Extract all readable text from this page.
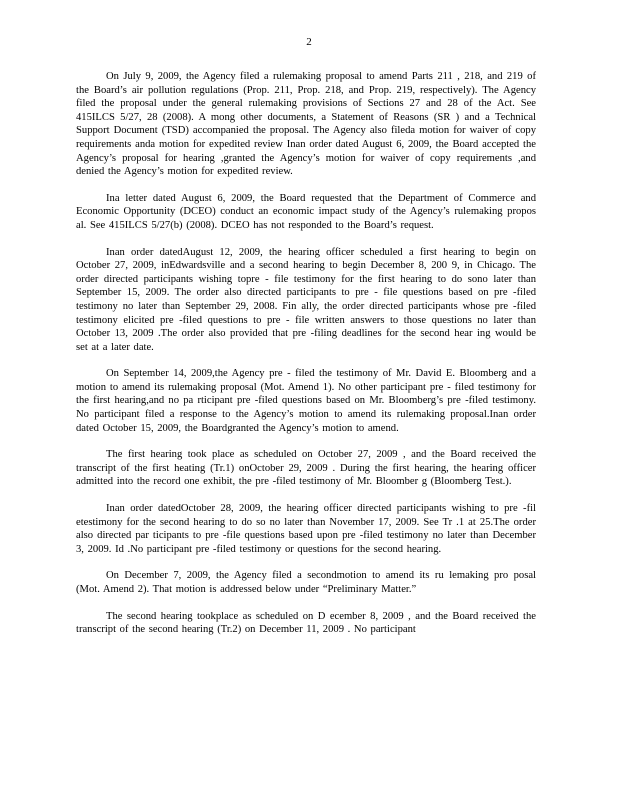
2

On July 9, 2009, the Agency filed a rulemaking proposal to amend Parts 211 , 218, and 219 of the Board’s air pollution regulations (Prop. 211, Prop. 218, and Prop. 219, respectively). The Agency filed the proposal under the general rulemaking provisions of Sections 27 and 28 of the Act. See 415ILCS 5/27, 28 (2008). A mong other documents, a Statement of Reasons (SR ) and a Technical Support Document (TSD) accompanied the proposal. The Agency also fileda motion for waiver of copy requirements anda motion for expedited review Inan order dated August 6, 2009, the Board accepted the Agency’s proposal for hearing ,granted the Agency’s motion for waiver of copy requirements ,and denied the Agency’s motion for expedited review.

Ina letter dated August 6, 2009, the Board requested that the Department of Commerce and Economic Opportunity (DCEO) conduct an economic impact study of the Agency’s rulemaking propos al. See 415ILCS 5/27(b) (2008). DCEO has not responded to the Board’s request.

Inan order datedAugust 12, 2009, the hearing officer scheduled a first hearing to begin on October 27, 2009, inEdwardsville and a second hearing to begin December 8, 200 9, in Chicago. The order directed participants wishing topre - file testimony for the first hearing to do sono later than September 15, 2009. The order also directed participants to pre - file questions based on pre -filed testimony no later than September 29, 2008. Fin ally, the order directed participants whose pre -filed testimony elicited pre -filed questions to pre - file written answers to those questions no later than October 13, 2009 .The order also provided that pre -filing deadlines for the second hear ing would be set at a later date.

On September 14, 2009,the Agency pre - filed the testimony of Mr. David E. Bloomberg and a motion to amend its rulemaking proposal (Mot. Amend 1). No other participant pre - filed testimony for the first hearing,and no pa rticipant pre -filed questions based on Mr. Bloomberg’s pre -filed testimony. No participant filed a response to the Agency’s motion to amend its rulemaking proposal.Inan order dated October 15, 2009, the Boardgranted the Agency’s motion to amend.

The first hearing took place as scheduled on October 27, 2009 , and the Board received the transcript of the first heating (Tr.1) onOctober 29, 2009 . During the first hearing, the hearing officer admitted into the record one exhibit, the pre -filed testimony of Mr. Bloomber g (Bloomberg Test.).

Inan order datedOctober 28, 2009, the hearing officer directed participants wishing to pre -fil etestimony for the second hearing to do so no later than November 17, 2009. See Tr .1 at 25.The order also directed par ticipants to pre -file questions based upon pre -filed testimony no later than December 3, 2009. Id .No participant pre -filed testimony or questions for the second hearing.

On December 7, 2009, the Agency filed a secondmotion to amend its ru lemaking pro posal (Mot. Amend 2). That motion is addressed below under “Preliminary Matter.”

The second hearing tookplace as scheduled on D ecember 8, 2009 , and the Board received the transcript of the second hearing (Tr.2) on December 11, 2009 . No participant
